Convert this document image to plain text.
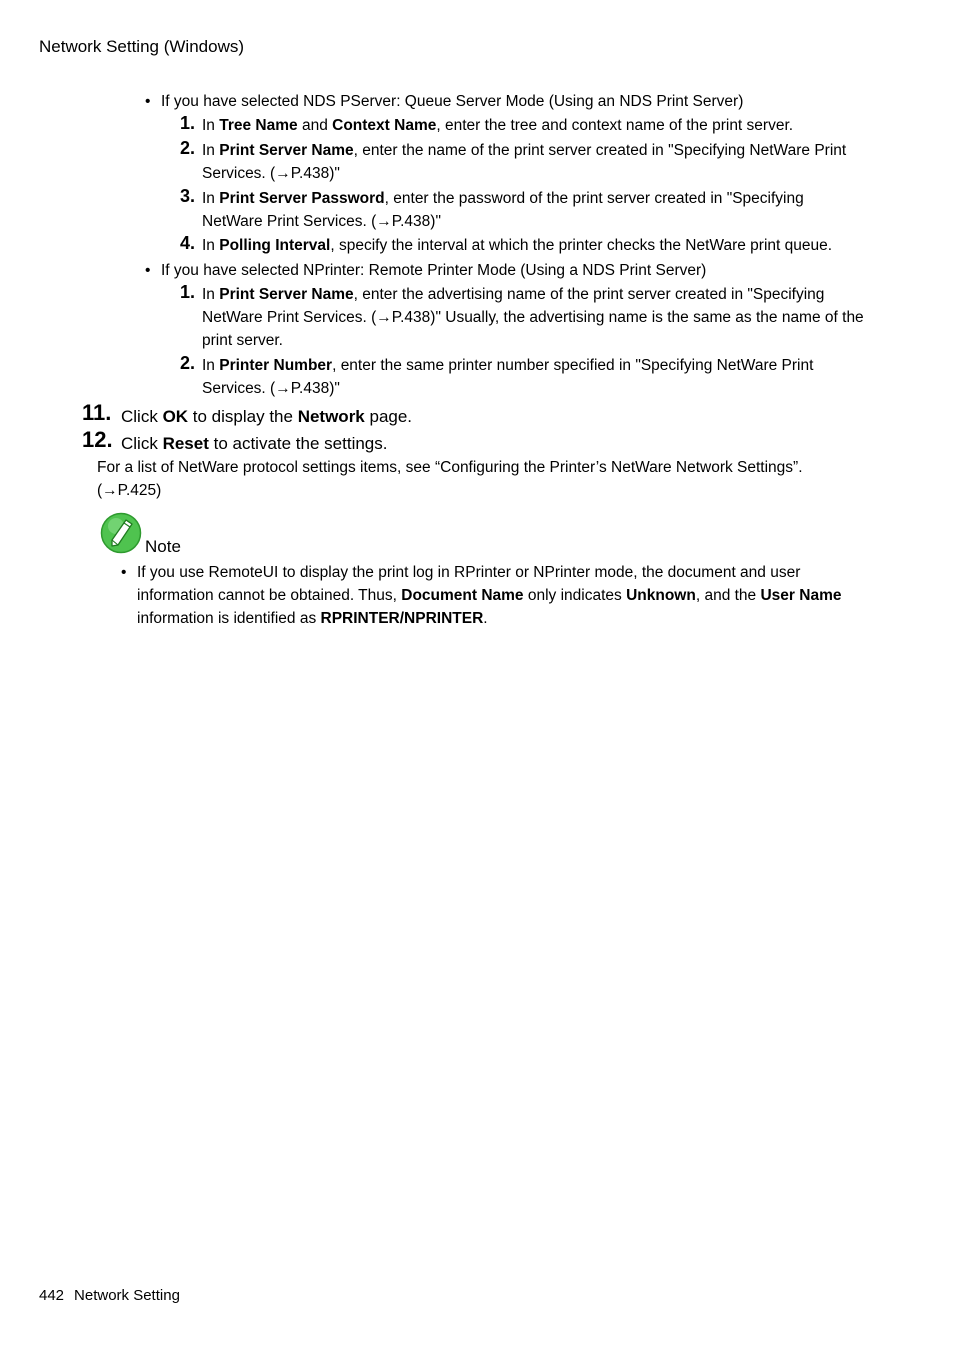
Network Setting (Windows)
• If you have selected NDS PServer: Queue Server Mode (Using an NDS Print Server)
1. In Tree Name and Context Name, enter the tree and context name of the print server.
2. In Print Server Name, enter the name of the print server created in "Specifying NetWare Print Services. (→P.438)"
3. In Print Server Password, enter the password of the print server created in "Specifying NetWare Print Services. (→P.438)"
4. In Polling Interval, specify the interval at which the printer checks the NetWare print queue.
• If you have selected NPrinter: Remote Printer Mode (Using a NDS Print Server)
1. In Print Server Name, enter the advertising name of the print server created in "Specifying NetWare Print Services. (→P.438)" Usually, the advertising name is the same as the name of the print server.
2. In Printer Number, enter the same printer number specified in "Specifying NetWare Print Services. (→P.438)"
11. Click OK to display the Network page.
12. Click Reset to activate the settings.
For a list of NetWare protocol settings items, see “Configuring the Printer’s NetWare Network Settings”. (→P.425)
Note
• If you use RemoteUI to display the print log in RPrinter or NPrinter mode, the document and user information cannot be obtained. Thus, Document Name only indicates Unknown, and the User Name information is identified as RPRINTER/NPRINTER.
442 Network Setting
